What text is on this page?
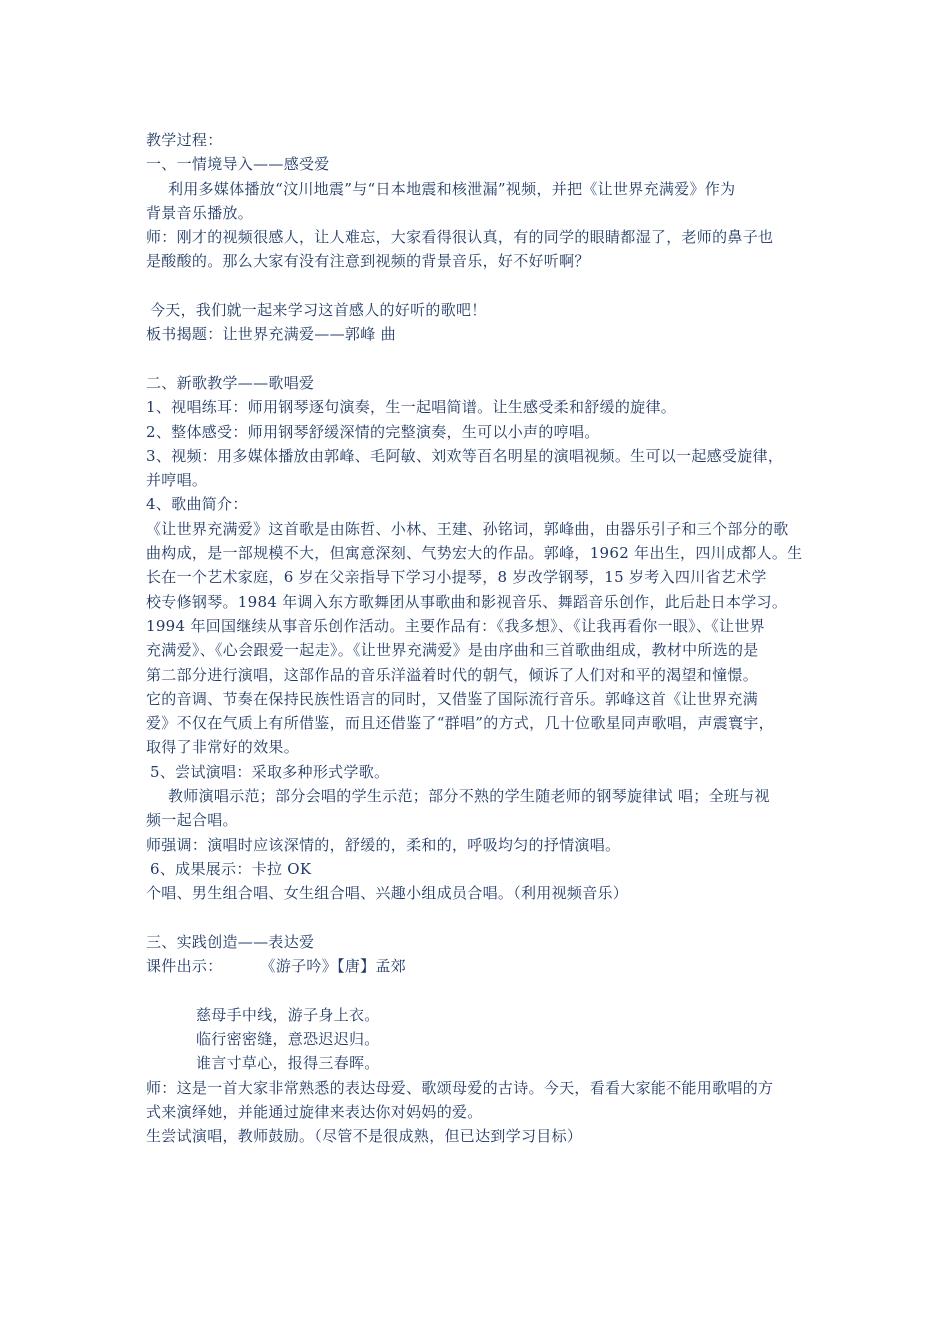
教学过程：
一、一情境导入——感受爱
利用多媒体播放“汶川地震”与“日本地震和核泄漏”视频，并把《让世界充满爱》作为
背景音乐播放。
师：刚才的视频很感人，让人难忘，大家看得很认真，有的同学的眼睛都湿了，老师的鼻子也
是酸酸的。那么大家有没有注意到视频的背景音乐，好不好听啊？
今天，我们就一起来学习这首感人的好听的歌吧！
板书揭题：让世界充满爱——郭峰 曲
二、新歌教学——歌唱爱
1、视唱练耳：师用钢琴逐句演奏，生一起唱简谱。让生感受柔和舒缓的旋律。
2、整体感受：师用钢琴舒缓深情的完整演奏，生可以小声的哼唱。
3、视频：用多媒体播放由郭峰、毛阿敏、刘欢等百名明星的演唱视频。生可以一起感受旋律，
并哼唱。
4、歌曲简介：
《让世界充满爱》这首歌是由陈哲、小林、王建、孙铭词，郭峰曲，由器乐引子和三个部分的歌
曲构成，是一部规模不大，但寓意深刻、气势宏大的作品。郭峰，1962 年出生，四川成都人。生
长在一个艺术家庭，6 岁在父亲指导下学习小提琴，8 岁改学钢琴，15 岁考入四川省艺术学
校专修钢琴。1984 年调入东方歌舞团从事歌曲和影视音乐、舞蹈音乐创作，此后赴日本学习。
1994 年回国继续从事音乐创作活动。主要作品有：《我多想》、《让我再看你一眼》、《让世界
充满爱》、《心会跟爱一起走》。《让世界充满爱》是由序曲和三首歌曲组成，教材中所选的是
第二部分进行演唱，这部作品的音乐洋溢着时代的朝气，倾诉了人们对和平的渴望和憧憬。
它的音调、节奏在保持民族性语言的同时，又借鉴了国际流行音乐。郭峰这首《让世界充满
爱》不仅在气质上有所借鉴，而且还借鉴了“群唱”的方式，几十位歌星同声歌唱，声震寰宇，
取得了非常好的效果。
5、尝试演唱：采取多种形式学歌。
教师演唱示范；部分会唱的学生示范；部分不熟的学生随老师的钢琴旋律试 唱；全班与视
频一起合唱。
师强调：演唱时应该深情的，舒缓的，柔和的，呼吸均匀的抒情演唱。
6、成果展示：卡拉 OK
个唱、男生组合唱、女生组合唱、兴趣小组成员合唱。（利用视频音乐）
三、实践创造——表达爱
课件出示：	《游子吟》【唐】孟郊
慈母手中线，游子身上衣。
临行密密缝，意恐迟迟归。
谁言寸草心，报得三春晖。
师：这是一首大家非常熟悉的表达母爱、歌颂母爱的古诗。今天，看看大家能不能用歌唱的方
式来演绎她，并能通过旋律来表达你对妈妈的爱。
生尝试演唱，教师鼓励。（尽管不是很成熟，但已达到学习目标）
